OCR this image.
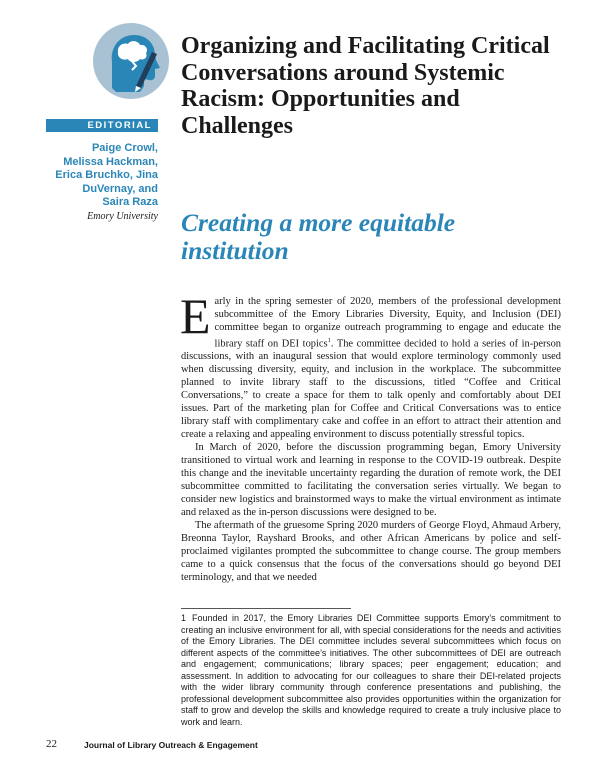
EDITORIAL
Paige Crowl,
Melissa Hackman,
Erica Bruchko, Jina
DuVernay, and
Saira Raza
Emory University
Organizing and Facilitating Critical Conversations around Systemic Racism: Opportunities and Challenges
Creating a more equitable institution

Early in the spring semester of 2020, members of the professional development subcommittee of the Emory Libraries Diversity, Equity, and Inclusion (DEI) committee began to organize outreach programming to engage and educate the library staff on DEI topics$^1$. The committee decided to hold a series of in-person discussions, with an inaugural session that would explore terminology commonly used when discussing diversity, equity, and inclusion in the workplace. The subcommittee planned to invite library staff to the discussions, titled “Coffee and Critical Conversations,” to create a space for them to talk openly and comfortably about DEI issues. Part of the marketing plan for Coffee and Critical Conversations was to entice library staff with complimentary cake and coffee in an effort to attract their attention and create a relaxing and appealing environment to discuss potentially stressful topics.

In March of 2020, before the discussion programming began, Emory University transitioned to virtual work and learning in response to the COVID-19 outbreak. Despite this change and the inevitable uncertainty regarding the duration of remote work, the DEI subcommittee committed to facilitating the conversation series virtually. We began to consider new logistics and brainstormed ways to make the virtual environment as intimate and relaxed as the in-person discussions were designed to be.

The aftermath of the gruesome Spring 2020 murders of George Floyd, Ahmaud Arbery, Breonna Taylor, Rayshard Brooks, and other African Americans by police and self-proclaimed vigilantes prompted the subcommittee to change course. The group members came to a quick consensus that the focus of the conversations should go beyond DEI terminology, and that we needed

1 Founded in 2017, the Emory Libraries DEI Committee supports Emory’s commitment to creating an inclusive environment for all, with special considerations for the needs and activities of the Emory Libraries. The DEI committee includes several subcommittees which focus on different aspects of the committee’s initiatives. The other subcommittees of DEI are outreach and engagement; communications; library spaces; peer engagement; education; and assessment. In addition to advocating for our colleagues to share their DEI-related projects with the wider library community through conference presentations and publishing, the professional development subcommittee also provides opportunities within the organization for staff to grow and develop the skills and knowledge required to create a truly inclusive place to work and learn.

22	Journal of Library Outreach & Engagement
